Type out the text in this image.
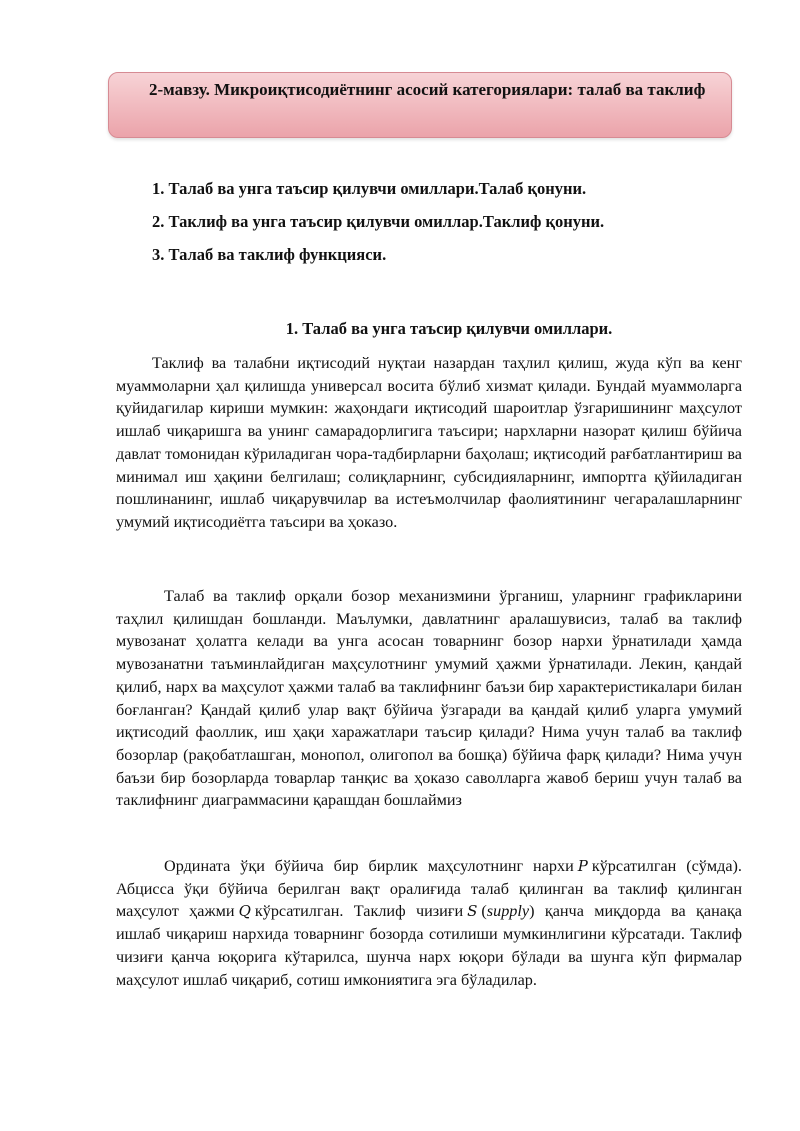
2-мавзу. Микроиқтисодиётнинг асосий категориялари: талаб ва таклиф
1. Талаб ва унга таъсир қилувчи омиллари.Талаб қонуни.
2. Таклиф ва унга таъсир қилувчи омиллар.Таклиф қонуни.
3. Талаб ва таклиф функцияси.
1. Талаб ва унга таъсир қилувчи омиллари.

Таклиф ва талабни иқтисодий нуқтаи назардан таҳлил қилиш, жуда кўп ва кенг муаммоларни ҳал қилишда универсал восита бўлиб хизмат қилади. Бундай муаммоларга қуйидагилар кириши мумкин: жаҳондаги иқтисодий шароитлар ўзгаришининг маҳсулот ишлаб чиқаришга ва унинг самарадорлигига таъсири; нархларни назорат қилиш бўйича давлат томонидан кўриладиган чора-тадбирларни баҳолаш; иқтисодий рағбатлантириш ва минимал иш ҳақини белгилаш; солиқларнинг, субсидияларнинг, импортга қўйиладиган пошлинанинг, ишлаб чиқарувчилар ва истеъмолчилар фаолиятининг чегаралашларнинг умумий иқтисодиётга таъсири ва ҳоказо.

Талаб ва таклиф орқали бозор механизмини ўрганиш, уларнинг графикларини таҳлил қилишдан бошланди. Маълумки, давлатнинг аралашувисиз, талаб ва таклиф мувозанат ҳолатга келади ва унга асосан товарнинг бозор нархи ўрнатилади ҳамда мувозанатни таъминлайдиган маҳсулотнинг умумий ҳажми ўрнатилади. Лекин, қандай қилиб, нарх ва маҳсулот ҳажми талаб ва таклифнинг баъзи бир характеристикалари билан боғланган? Қандай қилиб улар вақт бўйича ўзгаради ва қандай қилиб уларга умумий иқтисодий фаоллик, иш ҳақи харажатлари таъсир қилади? Нима учун талаб ва таклиф бозорлар (рақобатлашган, монопол, олигопол ва бошқа) бўйича фарқ қилади? Нима учун баъзи бир бозорларда товарлар танқис ва ҳоказо саволларга жавоб бериш учун талаб ва таклифнинг диаграммасини қарашдан бошлаймиз

Ордината ўқи бўйича бир бирлик маҳсулотнинг нархи P кўрсатилган (сўмда). Абцисса ўқи бўйича берилган вақт оралиғида талаб қилинган ва таклиф қилинган маҳсулот ҳажми Q кўрсатилган. Таклиф чизиғи S (supply) қанча миқдорда ва қанақа ишлаб чиқариш нархида товарнинг бозорда сотилиши мумкинлигини кўрсатади. Таклиф чизиғи қанча юқорига кўтарилса, шунча нарх юқори бўлади ва шунга кўп фирмалар маҳсулот ишлаб чиқариб, сотиш имкониятига эга бўладилар.
